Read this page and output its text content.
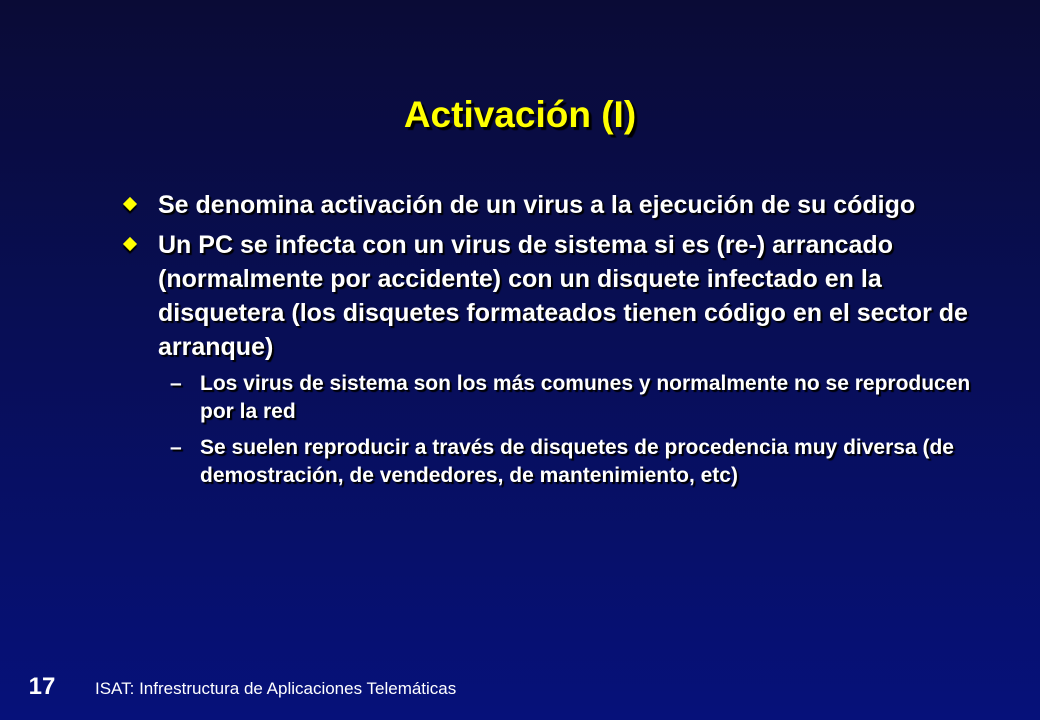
Activación (I)
Se denomina activación de un virus a la ejecución de su código
Un PC se infecta con un virus de sistema si es (re-) arrancado (normalmente por accidente) con un disquete infectado en la disquetera (los disquetes formateados tienen código en el sector de arranque)
– Los virus de sistema son los más comunes y normalmente no se reproducen por la red
– Se suelen reproducir a través de disquetes de procedencia muy diversa (de demostración, de vendedores, de mantenimiento, etc)
17	ISAT: Infrestructura de Aplicaciones Telemáticas
